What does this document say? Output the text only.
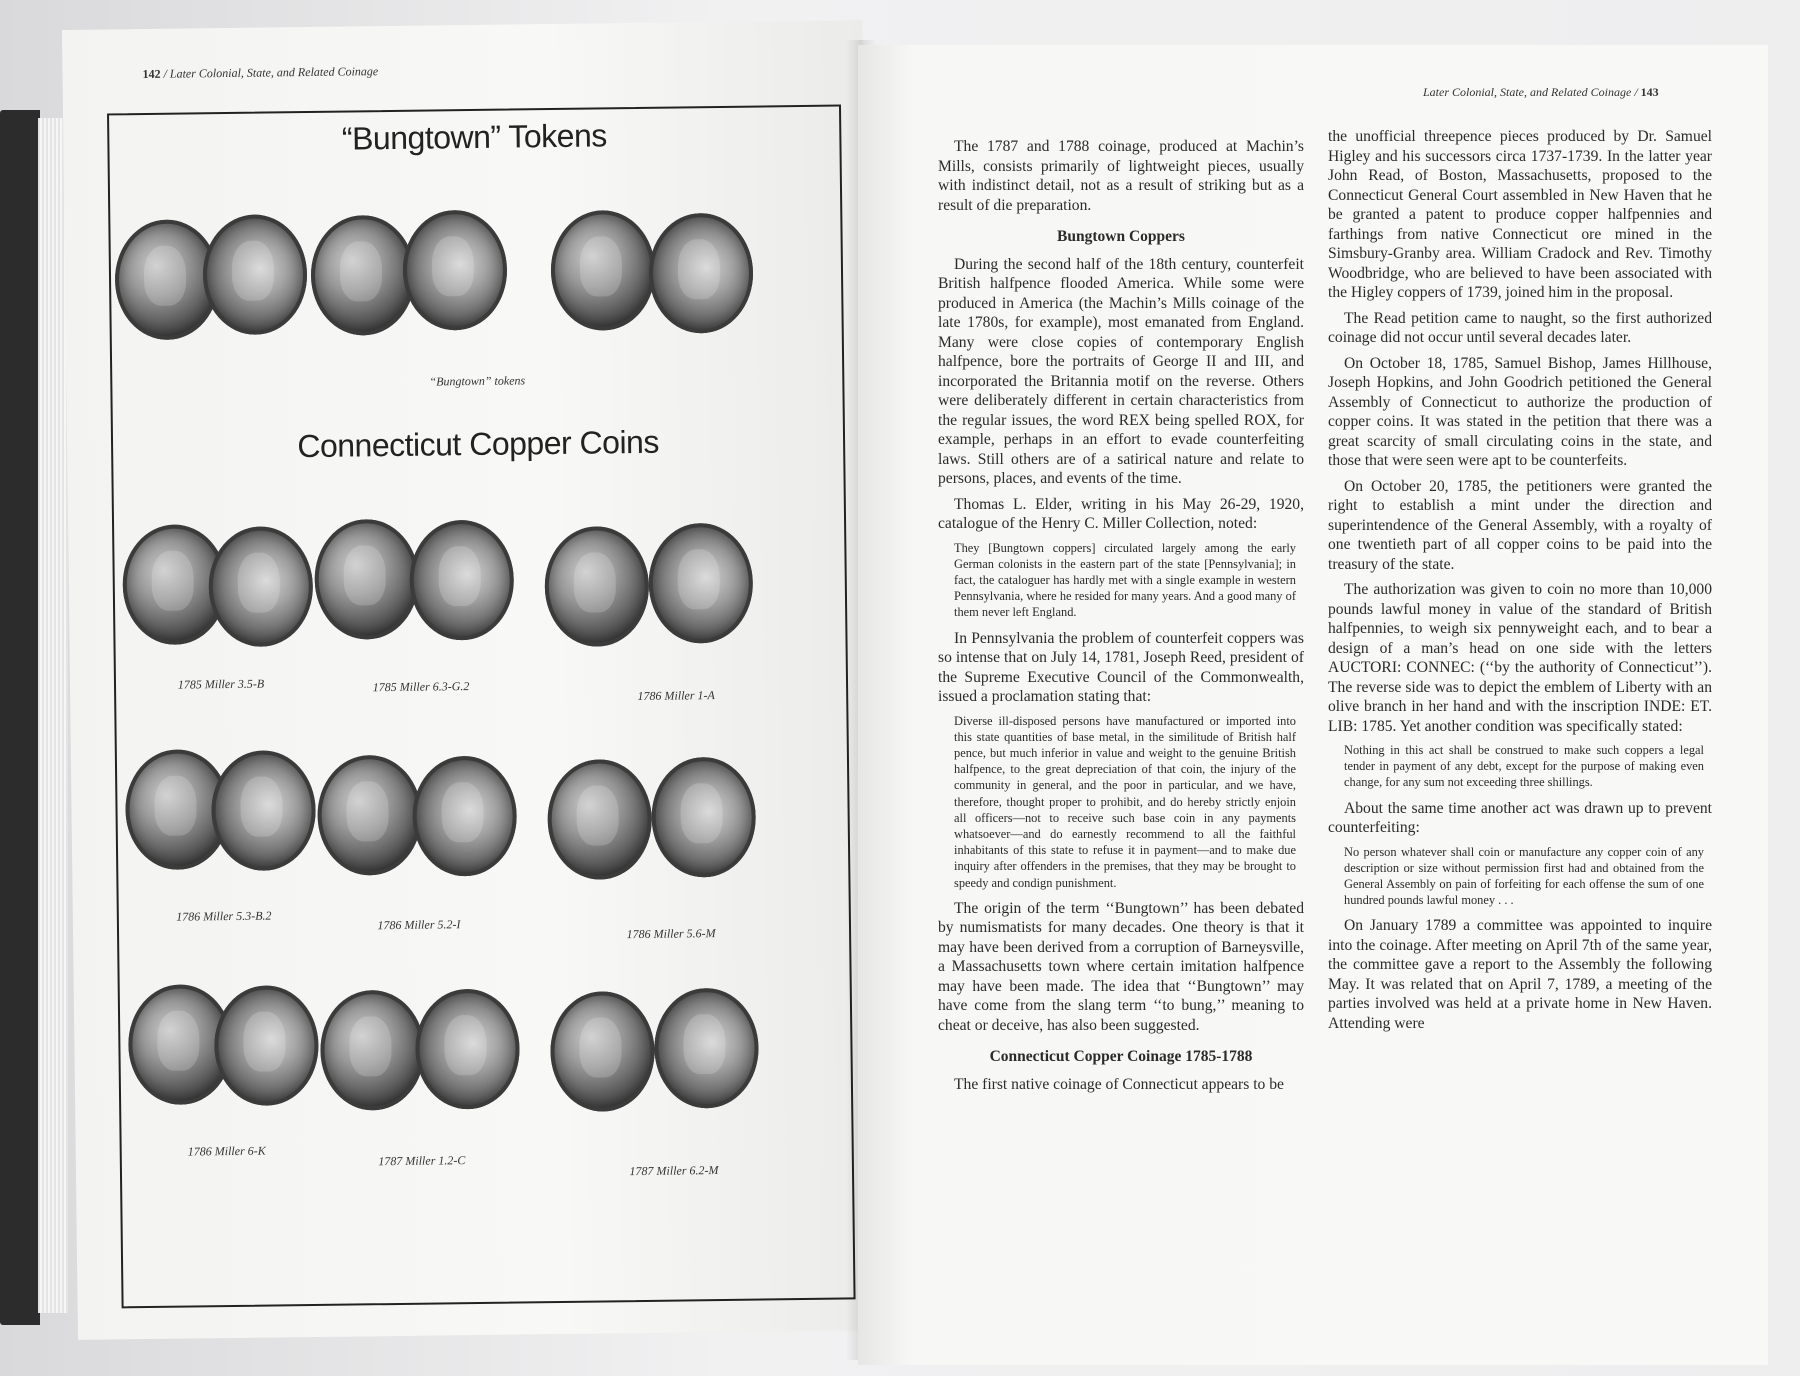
142 / Later Colonial, State, and Related Coinage
“Bungtown” Tokens
“Bungtown” tokens
Connecticut Copper Coins
1785 Miller 3.5-B	1785 Miller 6.3-G.2
1786 Miller 1-A
1786 Miller 5.3-B.2
1786 Miller 5.2-I
1786 Miller 5.6-M
1786 Miller 6-K
1787 Miller 1.2-C
1787 Miller 6.2-M
Later Colonial, State, and Related Coinage / 143

The 1787 and 1788 coinage, produced at Machin’s Mills, consists primarily of lightweight pieces, usually with indistinct detail, not as a result of striking but as a result of die preparation.

Bungtown Coppers

During the second half of the 18th century, counterfeit British halfpence flooded America. While some were produced in America (the Machin’s Mills coinage of the late 1780s, for example), most emanated from England. Many were close copies of contemporary English halfpence, bore the portraits of George II and III, and incorporated the Britannia motif on the reverse. Others were deliberately different in certain characteristics from the regular issues, the word REX being spelled ROX, for example, perhaps in an effort to evade counterfeiting laws. Still others are of a satirical nature and relate to persons, places, and events of the time.

Thomas L. Elder, writing in his May 26-29, 1920, catalogue of the Henry C. Miller Collection, noted:

They [Bungtown coppers] circulated largely among the early German colonists in the eastern part of the state [Pennsylvania]; in fact, the cataloguer has hardly met with a single example in western Pennsylvania, where he resided for many years. And a good many of them never left England.

In Pennsylvania the problem of counterfeit coppers was so intense that on July 14, 1781, Joseph Reed, president of the Supreme Executive Council of the Commonwealth, issued a proclamation stating that:

Diverse ill-disposed persons have manufactured or imported into this state quantities of base metal, in the similitude of British half pence, but much inferior in value and weight to the genuine British halfpence, to the great depreciation of that coin, the injury of the community in general, and the poor in particular, and we have, therefore, thought proper to prohibit, and do hereby strictly enjoin all officers—not to receive such base coin in any payments whatsoever—and do earnestly recommend to all the faithful inhabitants of this state to refuse it in payment—and to make due inquiry after offenders in the premises, that they may be brought to speedy and condign punishment.

The origin of the term ‘‘Bungtown’’ has been debated by numismatists for many decades. One theory is that it may have been derived from a corruption of Barneysville, a Massachusetts town where certain imitation halfpence may have been made. The idea that ‘‘Bungtown’’ may have come from the slang term ‘‘to bung,’’ meaning to cheat or deceive, has also been suggested.

Connecticut Copper Coinage 1785-1788

The first native coinage of Connecticut appears to be

the unofficial threepence pieces produced by Dr. Samuel Higley and his successors circa 1737-1739. In the latter year John Read, of Boston, Massachusetts, proposed to the Connecticut General Court assembled in New Haven that he be granted a patent to produce copper halfpennies and farthings from native Connecticut ore mined in the Simsbury-Granby area. William Cradock and Rev. Timothy Woodbridge, who are believed to have been associated with the Higley coppers of 1739, joined him in the proposal.

The Read petition came to naught, so the first authorized coinage did not occur until several decades later.

On October 18, 1785, Samuel Bishop, James Hillhouse, Joseph Hopkins, and John Goodrich petitioned the General Assembly of Connecticut to authorize the production of copper coins. It was stated in the petition that there was a great scarcity of small circulating coins in the state, and those that were seen were apt to be counterfeits.

On October 20, 1785, the petitioners were granted the right to establish a mint under the direction and superintendence of the General Assembly, with a royalty of one twentieth part of all copper coins to be paid into the treasury of the state.

The authorization was given to coin no more than 10,000 pounds lawful money in value of the standard of British halfpennies, to weigh six pennyweight each, and to bear a design of a man’s head on one side with the letters AUCTORI: CONNEC: (‘‘by the authority of Connecticut’’). The reverse side was to depict the emblem of Liberty with an olive branch in her hand and with the inscription INDE: ET. LIB: 1785. Yet another condition was specifically stated:

Nothing in this act shall be construed to make such coppers a legal tender in payment of any debt, except for the purpose of making even change, for any sum not exceeding three shillings.

About the same time another act was drawn up to prevent counterfeiting:

No person whatever shall coin or manufacture any copper coin of any description or size without permission first had and obtained from the General Assembly on pain of forfeiting for each offense the sum of one hundred pounds lawful money . . .

On January 1789 a committee was appointed to inquire into the coinage. After meeting on April 7th of the same year, the committee gave a report to the Assembly the following May. It was related that on April 7, 1789, a meeting of the parties involved was held at a private home in New Haven. Attending were
